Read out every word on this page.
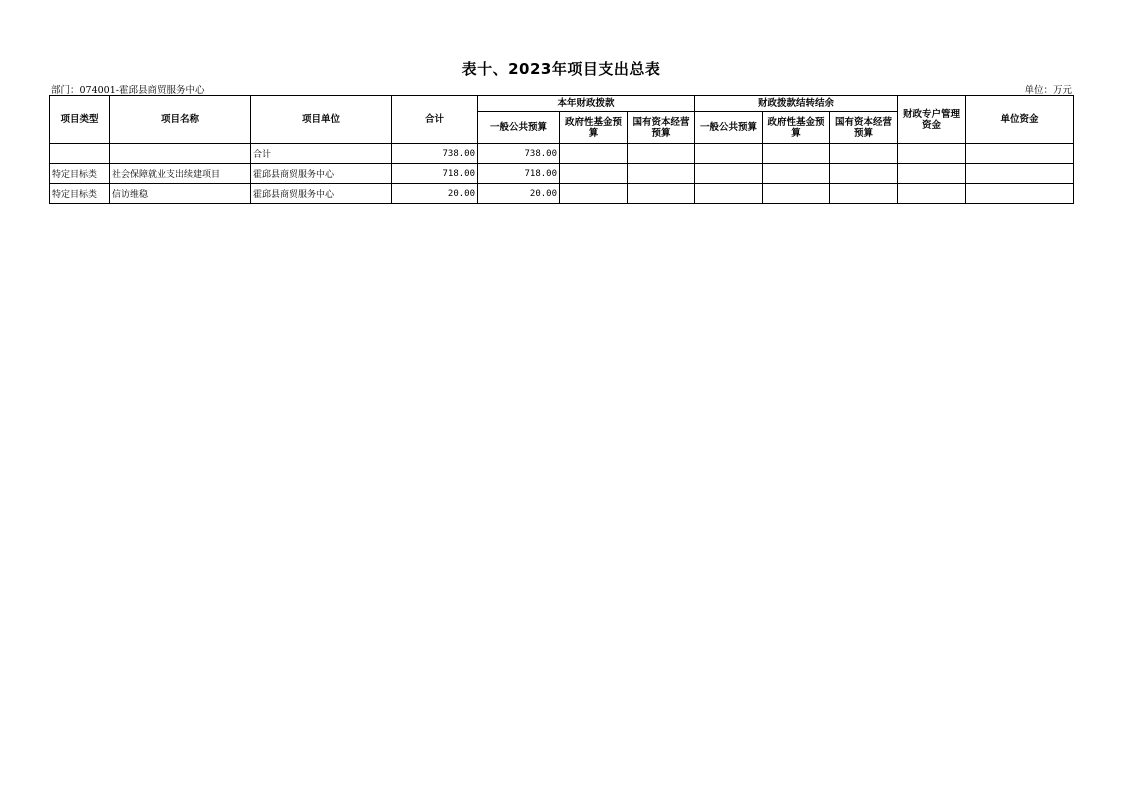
表十、2023年项目支出总表
部门：074001-霍邱县商贸服务中心	单位：万元
项目类型	项目名称	项目单位	合计	本年财政拨款			财政拨款结转结余			财政专户管理资金	单位资金
				一般公共预算	政府性基金预算	国有资本经营预算	一般公共预算	政府性基金预算	国有资本经营预算		
		合计	738.00	738.00							
特定目标类	社会保障就业支出续建项目	霍邱县商贸服务中心	718.00	718.00							
特定目标类	信访维稳	霍邱县商贸服务中心	20.00	20.00							
